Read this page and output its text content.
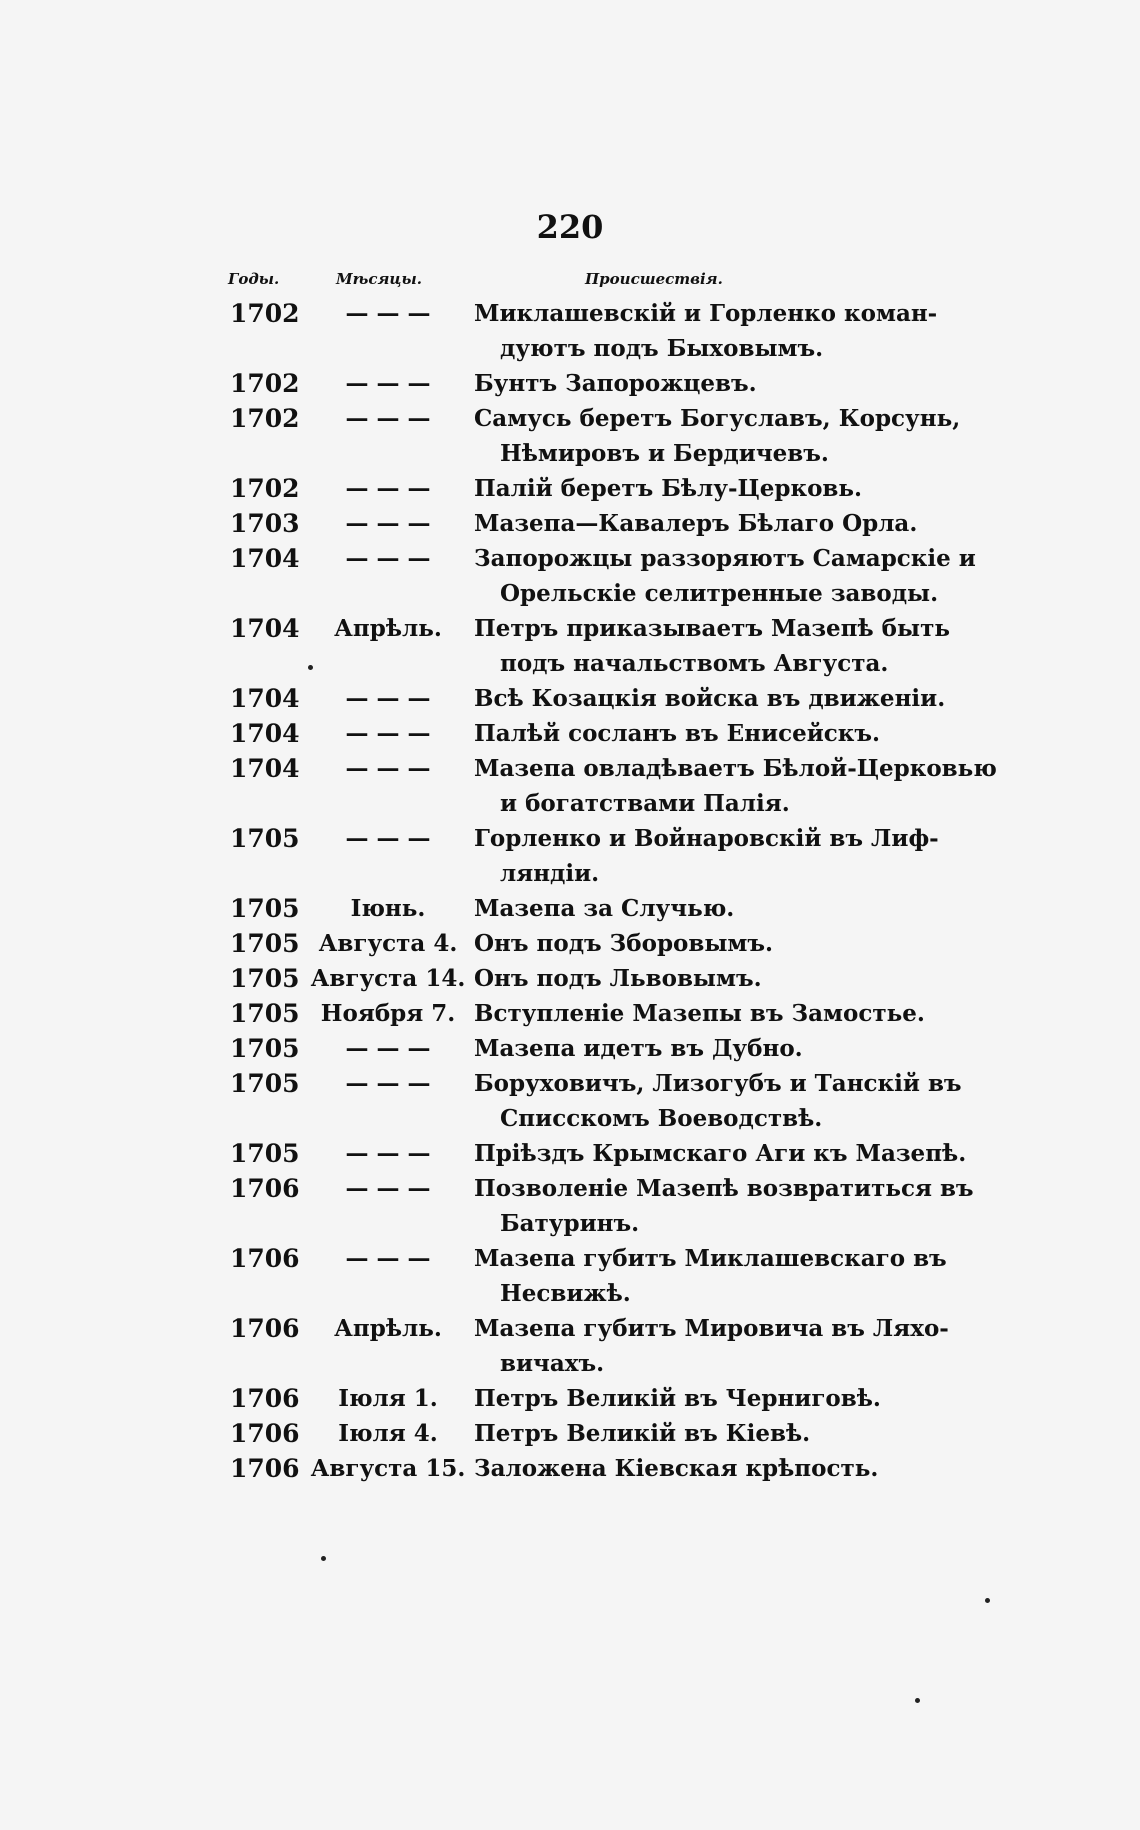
220
Годы.	Мѣсяцы.	Происшествія.
1702	— — —	Миклашевскій и Горленко коман-
дуютъ подъ Быховымъ.
1702	— — —	Бунтъ Запорожцевъ.
1702	— — —	Самусь беретъ Богуславъ, Корсунь,
Нѣмировъ и Бердичевъ.
1702	— — —	Палій беретъ Бѣлу-Церковь.
1703	— — —	Мазепа—Кавалеръ Бѣлаго Орла.
1704	— — —	Запорожцы раззоряютъ Самарскіе и
Орельскіе селитренные заводы.
1704	Апрѣль.	Петръ приказываетъ Мазепѣ быть
подъ начальствомъ Августа.
1704	— — —	Всѣ Козацкія войска въ движеніи.
1704	— — —	Палѣй сосланъ въ Енисейскъ.
1704	— — —	Мазепа овладѣваетъ Бѣлой-Церковью
и богатствами Палія.
1705	— — —	Горленко и Войнаровскій въ Лиф-
ляндіи.
1705	Іюнь.	Мазепа за Случью.
1705 Августа 4. Онъ подъ Зборовымъ.
1705 Августа 14. Онъ подъ Львовымъ.
1705 Ноября 7. Вступленіе Мазепы въ Замостье.
1705	— — —	Мазепа идетъ въ Дубно.
1705	— — —	Боруховичъ, Лизогубъ и Танскій въ
Списскомъ Воеводствѣ.
1705	— — —	Пріѣздъ Крымскаго Аги къ Мазепѣ.
1706	— — —	Позволеніе Мазепѣ возвратиться въ
Батуринъ.
1706	— — —	Мазепа губитъ Миклашевскаго въ
Несвижѣ.
1706	Апрѣль.	Мазепа губитъ Мировича въ Ляхо-
вичахъ.
1706	Іюля 1.	Петръ Великій въ Черниговѣ.
1706	Іюля 4.	Петръ Великій въ Кіевѣ.
1706 Августа 15. Заложена Кіевская крѣпость.
